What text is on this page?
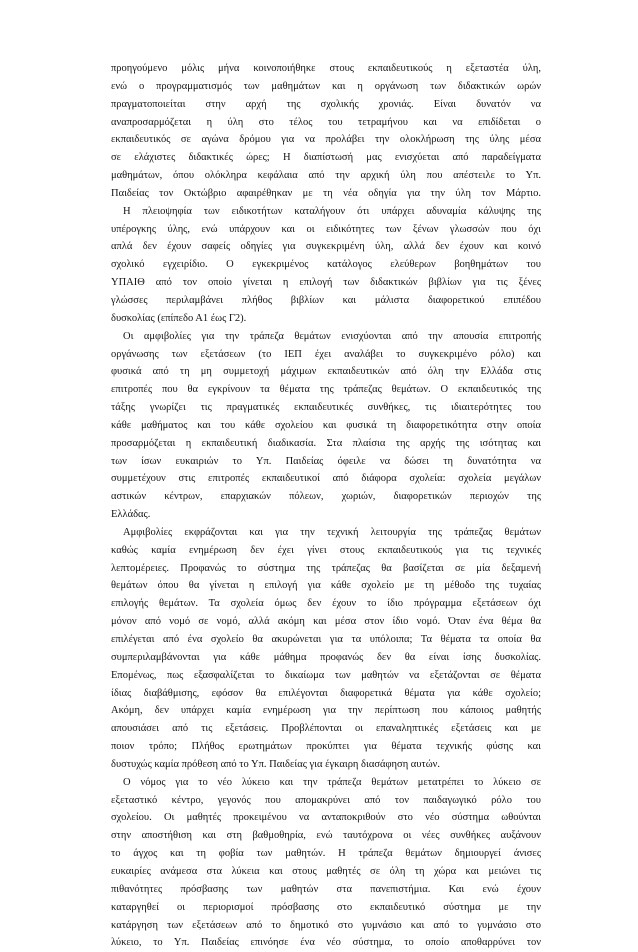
προηγούμενο μόλις μήνα κοινοποιήθηκε στους εκπαιδευτικούς η εξεταστέα ύλη,
ενώ ο προγραμματισμός των μαθημάτων και η οργάνωση των διδακτικών ωρών
πραγματοποιείται στην αρχή της σχολικής χρονιάς. Είναι δυνατόν να
αναπροσαρμόζεται η ύλη στο τέλος του τετραμήνου και να επιδίδεται ο
εκπαιδευτικός σε αγώνα δρόμου για να προλάβει την ολοκλήρωση της ύλης μέσα
σε ελάχιστες διδακτικές ώρες; Η διαπίστωσή μας ενισχύεται από παραδείγματα
μαθημάτων, όπου ολόκληρα κεφάλαια από την αρχική ύλη που απέστειλε το Υπ.
Παιδείας τον Οκτώβριο αφαιρέθηκαν με τη νέα οδηγία για την ύλη τον Μάρτιο.
Η πλειοψηφία των ειδικοτήτων καταλήγουν ότι υπάρχει αδυναμία κάλυψης της
υπέρογκης ύλης, ενώ υπάρχουν και οι ειδικότητες των ξένων γλωσσών που όχι
απλά δεν έχουν σαφείς οδηγίες για συγκεκριμένη ύλη, αλλά δεν έχουν και κοινό
σχολικό εγχειρίδιο. Ο εγκεκριμένος κατάλογος ελεύθερων βοηθημάτων του
ΥΠΑΙΘ από τον οποίο γίνεται η επιλογή των διδακτικών βιβλίων για τις ξένες
γλώσσες περιλαμβάνει πλήθος βιβλίων και μάλιστα διαφορετικού επιπέδου
δυσκολίας (επίπεδο Α1 έως Γ2).
Οι αμφιβολίες για την τράπεζα θεμάτων ενισχύονται από την απουσία επιτροπής
οργάνωσης των εξετάσεων (το ΙΕΠ έχει αναλάβει το συγκεκριμένο ρόλο) και
φυσικά από τη μη συμμετοχή μάχιμων εκπαιδευτικών από όλη την Ελλάδα στις
επιτροπές που θα εγκρίνουν τα θέματα της τράπεζας θεμάτων. Ο εκπαιδευτικός της
τάξης γνωρίζει τις πραγματικές εκπαιδευτικές συνθήκες, τις ιδιαιτερότητες του
κάθε μαθήματος και του κάθε σχολείου και φυσικά τη διαφορετικότητα στην οποία
προσαρμόζεται η εκπαιδευτική διαδικασία. Στα πλαίσια της αρχής της ισότητας και
των ίσων ευκαιριών το Υπ. Παιδείας όφειλε να δώσει τη δυνατότητα να
συμμετέχουν στις επιτροπές εκπαιδευτικοί από διάφορα σχολεία: σχολεία μεγάλων
αστικών κέντρων, επαρχιακών πόλεων, χωριών, διαφορετικών περιοχών της
Ελλάδας.
Αμφιβολίες εκφράζονται και για την τεχνική λειτουργία της τράπεζας θεμάτων
καθώς καμία ενημέρωση δεν έχει γίνει στους εκπαιδευτικούς για τις τεχνικές
λεπτομέρειες. Προφανώς το σύστημα της τράπεζας θα βασίζεται σε μία δεξαμενή
θεμάτων όπου θα γίνεται η επιλογή για κάθε σχολείο με τη μέθοδο της τυχαίας
επιλογής θεμάτων. Τα σχολεία όμως δεν έχουν το ίδιο πρόγραμμα εξετάσεων όχι
μόνον από νομό σε νομό, αλλά ακόμη και μέσα στον ίδιο νομό. Όταν ένα θέμα θα
επιλέγεται από ένα σχολείο θα ακυρώνεται για τα υπόλοιπα; Τα θέματα τα οποία θα
συμπεριλαμβάνονται για κάθε μάθημα προφανώς δεν θα είναι ίσης δυσκολίας.
Επομένως, πως εξασφαλίζεται το δικαίωμα των μαθητών να εξετάζονται σε θέματα
ίδιας διαβάθμισης, εφόσον θα επιλέγονται διαφορετικά θέματα για κάθε σχολείο;
Ακόμη, δεν υπάρχει καμία ενημέρωση για την περίπτωση που κάποιος μαθητής
απουσιάσει από τις εξετάσεις. Προβλέπονται οι επαναληπτικές εξετάσεις και με
ποιον τρόπο; Πλήθος ερωτημάτων προκύπτει για θέματα τεχνικής φύσης και
δυστυχώς καμία πρόθεση από το Υπ. Παιδείας για έγκαιρη διασάφηση αυτών.
Ο νόμος για το νέο λύκειο και την τράπεζα θεμάτων μετατρέπει το λύκειο σε
εξεταστικό κέντρο, γεγονός που απομακρύνει από τον παιδαγωγικό ρόλο του
σχολείου. Οι μαθητές προκειμένου να ανταποκριθούν στο νέο σύστημα ωθούνται
στην αποστήθιση και στη βαθμοθηρία, ενώ ταυτόχρονα οι νέες συνθήκες αυξάνουν
το άγχος και τη φοβία των μαθητών. Η τράπεζα θεμάτων δημιουργεί άνισες
ευκαιρίες ανάμεσα στα λύκεια και στους μαθητές σε όλη τη χώρα και μειώνει τις
πιθανότητες πρόσβασης των μαθητών στα πανεπιστήμια. Και ενώ έχουν
καταργηθεί οι περιορισμοί πρόσβασης στο εκπαιδευτικό σύστημα με την
κατάργηση των εξετάσεων από το δημοτικό στο γυμνάσιο και από το γυμνάσιο στο
λύκειο, το Υπ. Παιδείας επινόησε ένα νέο σύστημα, το οποίο αποθαρρύνει τον
